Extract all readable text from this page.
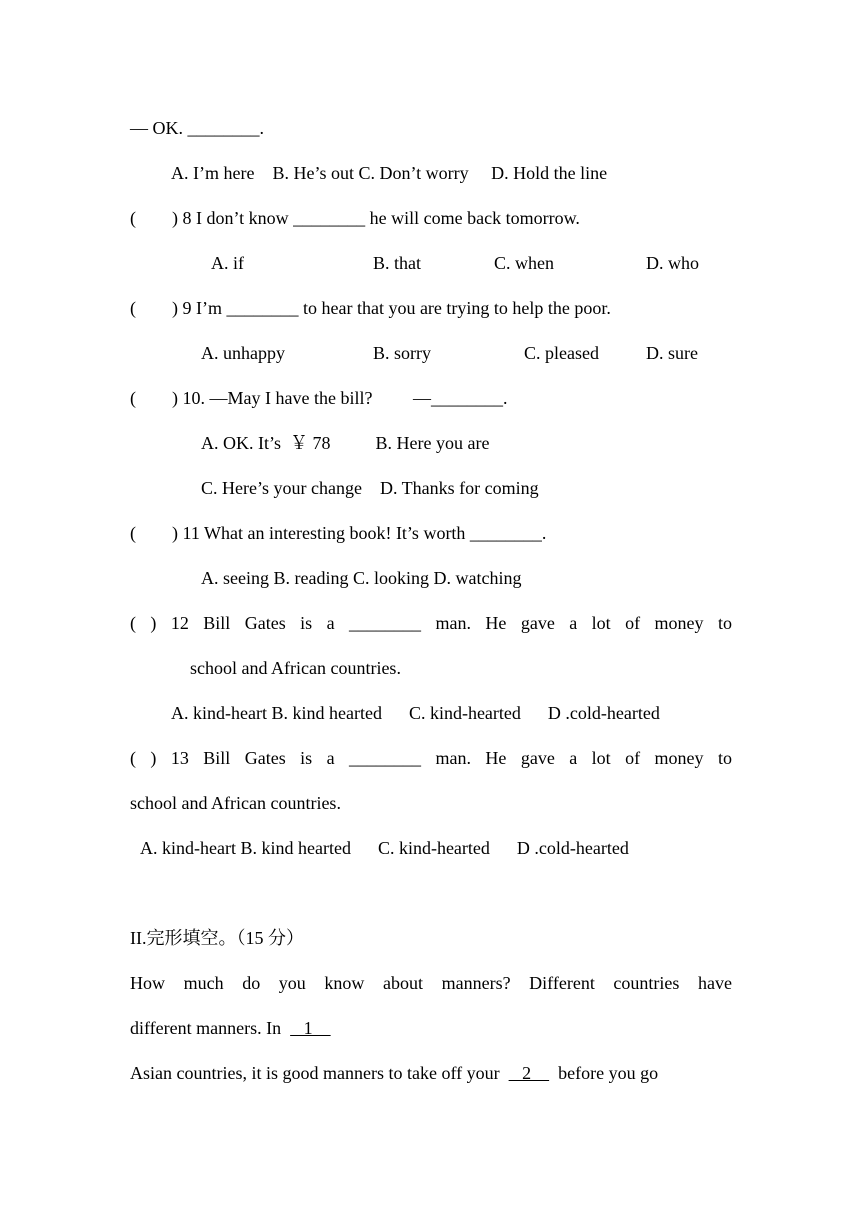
— OK. ________.
A. I’m here    B. He’s out C. Don’t worry     D. Hold the line
(        ) 8 I don’t know ________ he will come back tomorrow.
A. if	B. that	C. when	D. who
(        ) 9 I’m ________ to hear that you are trying to help the poor.
A. unhappy	B. sorry	C. pleased	D. sure
(        ) 10. —May I have the bill?         —________.
A. OK. It’s  ￥ 78          B. Here you are
C. Here’s your change    D. Thanks for coming
(        ) 11 What an interesting book! It’s worth ________.
A. seeing B. reading C. looking D. watching
( ) 12 Bill Gates is a ________ man. He gave a lot of money to
school and African countries.
A. kind-heart B. kind hearted      C. kind-hearted      D .cold-hearted
( ) 13 Bill Gates is a ________ man. He gave a lot of money to
school and African countries.
A. kind-heart B. kind hearted      C. kind-hearted      D .cold-hearted
II.完形填空。（15 分）
How much do you know about manners? Different countries have
different manners. In     1
Asian countries, it is good manners to take off your     2      before you go
